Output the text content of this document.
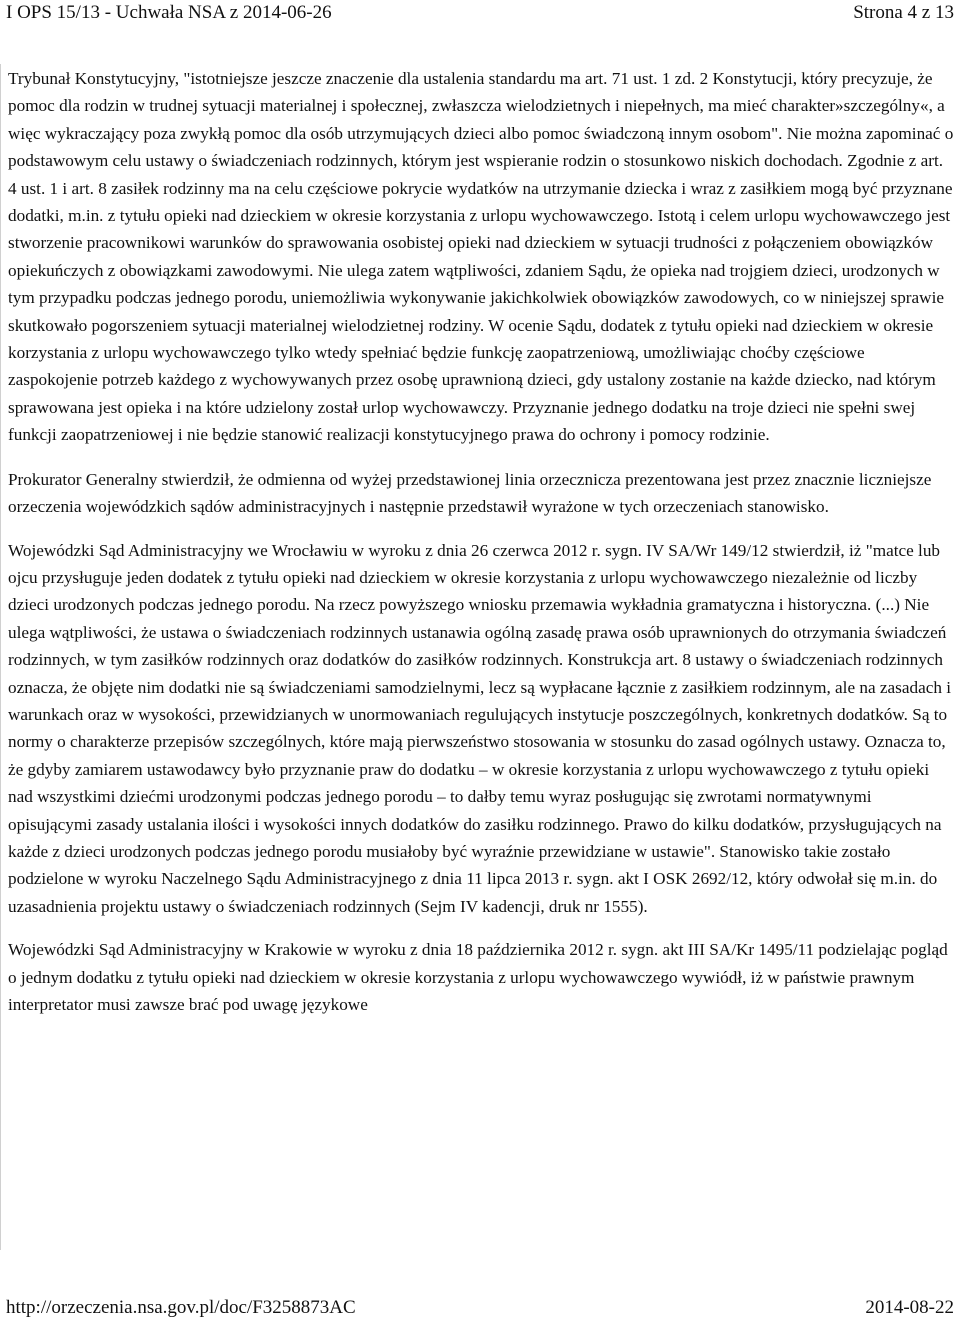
I OPS 15/13 - Uchwała NSA z 2014-06-26	Strona 4 z 13

Trybunał Konstytucyjny, "istotniejsze jeszcze znaczenie dla ustalenia standardu ma art. 71 ust. 1 zd. 2 Konstytucji, który precyzuje, że pomoc dla rodzin w trudnej sytuacji materialnej i społecznej, zwłaszcza wielodzietnych i niepełnych, ma mieć charakter»szczególny«, a więc wykraczający poza zwykłą pomoc dla osób utrzymujących dzieci albo pomoc świadczoną innym osobom". Nie można zapominać o podstawowym celu ustawy o świadczeniach rodzinnych, którym jest wspieranie rodzin o stosunkowo niskich dochodach. Zgodnie z art. 4 ust. 1 i art. 8 zasiłek rodzinny ma na celu częściowe pokrycie wydatków na utrzymanie dziecka i wraz z zasiłkiem mogą być przyznane dodatki, m.in. z tytułu opieki nad dzieckiem w okresie korzystania z urlopu wychowawczego. Istotą i celem urlopu wychowawczego jest stworzenie pracownikowi warunków do sprawowania osobistej opieki nad dzieckiem w sytuacji trudności z połączeniem obowiązków opiekuńczych z obowiązkami zawodowymi. Nie ulega zatem wątpliwości, zdaniem Sądu, że opieka nad trojgiem dzieci, urodzonych w tym przypadku podczas jednego porodu, uniemożliwia wykonywanie jakichkolwiek obowiązków zawodowych, co w niniejszej sprawie skutkowało pogorszeniem sytuacji materialnej wielodzietnej rodziny. W ocenie Sądu, dodatek z tytułu opieki nad dzieckiem w okresie korzystania z urlopu wychowawczego tylko wtedy spełniać będzie funkcję zaopatrzeniową, umożliwiając choćby częściowe zaspokojenie potrzeb każdego z wychowywanych przez osobę uprawnioną dzieci, gdy ustalony zostanie na każde dziecko, nad którym sprawowana jest opieka i na które udzielony został urlop wychowawczy. Przyznanie jednego dodatku na troje dzieci nie spełni swej funkcji zaopatrzeniowej i nie będzie stanowić realizacji konstytucyjnego prawa do ochrony i pomocy rodzinie.

Prokurator Generalny stwierdził, że odmienna od wyżej przedstawionej linia orzecznicza prezentowana jest przez znacznie liczniejsze orzeczenia wojewódzkich sądów administracyjnych i następnie przedstawił wyrażone w tych orzeczeniach stanowisko.

Wojewódzki Sąd Administracyjny we Wrocławiu w wyroku z dnia 26 czerwca 2012 r. sygn. IV SA/Wr 149/12 stwierdził, iż "matce lub ojcu przysługuje jeden dodatek z tytułu opieki nad dzieckiem w okresie korzystania z urlopu wychowawczego niezależnie od liczby dzieci urodzonych podczas jednego porodu. Na rzecz powyższego wniosku przemawia wykładnia gramatyczna i historyczna. (...) Nie ulega wątpliwości, że ustawa o świadczeniach rodzinnych ustanawia ogólną zasadę prawa osób uprawnionych do otrzymania świadczeń rodzinnych, w tym zasiłków rodzinnych oraz dodatków do zasiłków rodzinnych. Konstrukcja art. 8 ustawy o świadczeniach rodzinnych oznacza, że objęte nim dodatki nie są świadczeniami samodzielnymi, lecz są wypłacane łącznie z zasiłkiem rodzinnym, ale na zasadach i warunkach oraz w wysokości, przewidzianych w unormowaniach regulujących instytucje poszczególnych, konkretnych dodatków. Są to normy o charakterze przepisów szczególnych, które mają pierwszeństwo stosowania w stosunku do zasad ogólnych ustawy. Oznacza to, że gdyby zamiarem ustawodawcy było przyznanie praw do dodatku – w okresie korzystania z urlopu wychowawczego z tytułu opieki nad wszystkimi dziećmi urodzonymi podczas jednego porodu – to dałby temu wyraz posługując się zwrotami normatywnymi opisującymi zasady ustalania ilości i wysokości innych dodatków do zasiłku rodzinnego. Prawo do kilku dodatków, przysługujących na każde z dzieci urodzonych podczas jednego porodu musiałoby być wyraźnie przewidziane w ustawie". Stanowisko takie zostało podzielone w wyroku Naczelnego Sądu Administracyjnego z dnia 11 lipca 2013 r. sygn. akt I OSK 2692/12, który odwołał się m.in. do uzasadnienia projektu ustawy o świadczeniach rodzinnych (Sejm IV kadencji, druk nr 1555).

Wojewódzki Sąd Administracyjny w Krakowie w wyroku z dnia 18 października 2012 r. sygn. akt III SA/Kr 1495/11 podzielając pogląd o jednym dodatku z tytułu opieki nad dzieckiem w okresie korzystania z urlopu wychowawczego wywiódł, iż w państwie prawnym interpretator musi zawsze brać pod uwagę językowe

http://orzeczenia.nsa.gov.pl/doc/F3258873AC	2014-08-22
